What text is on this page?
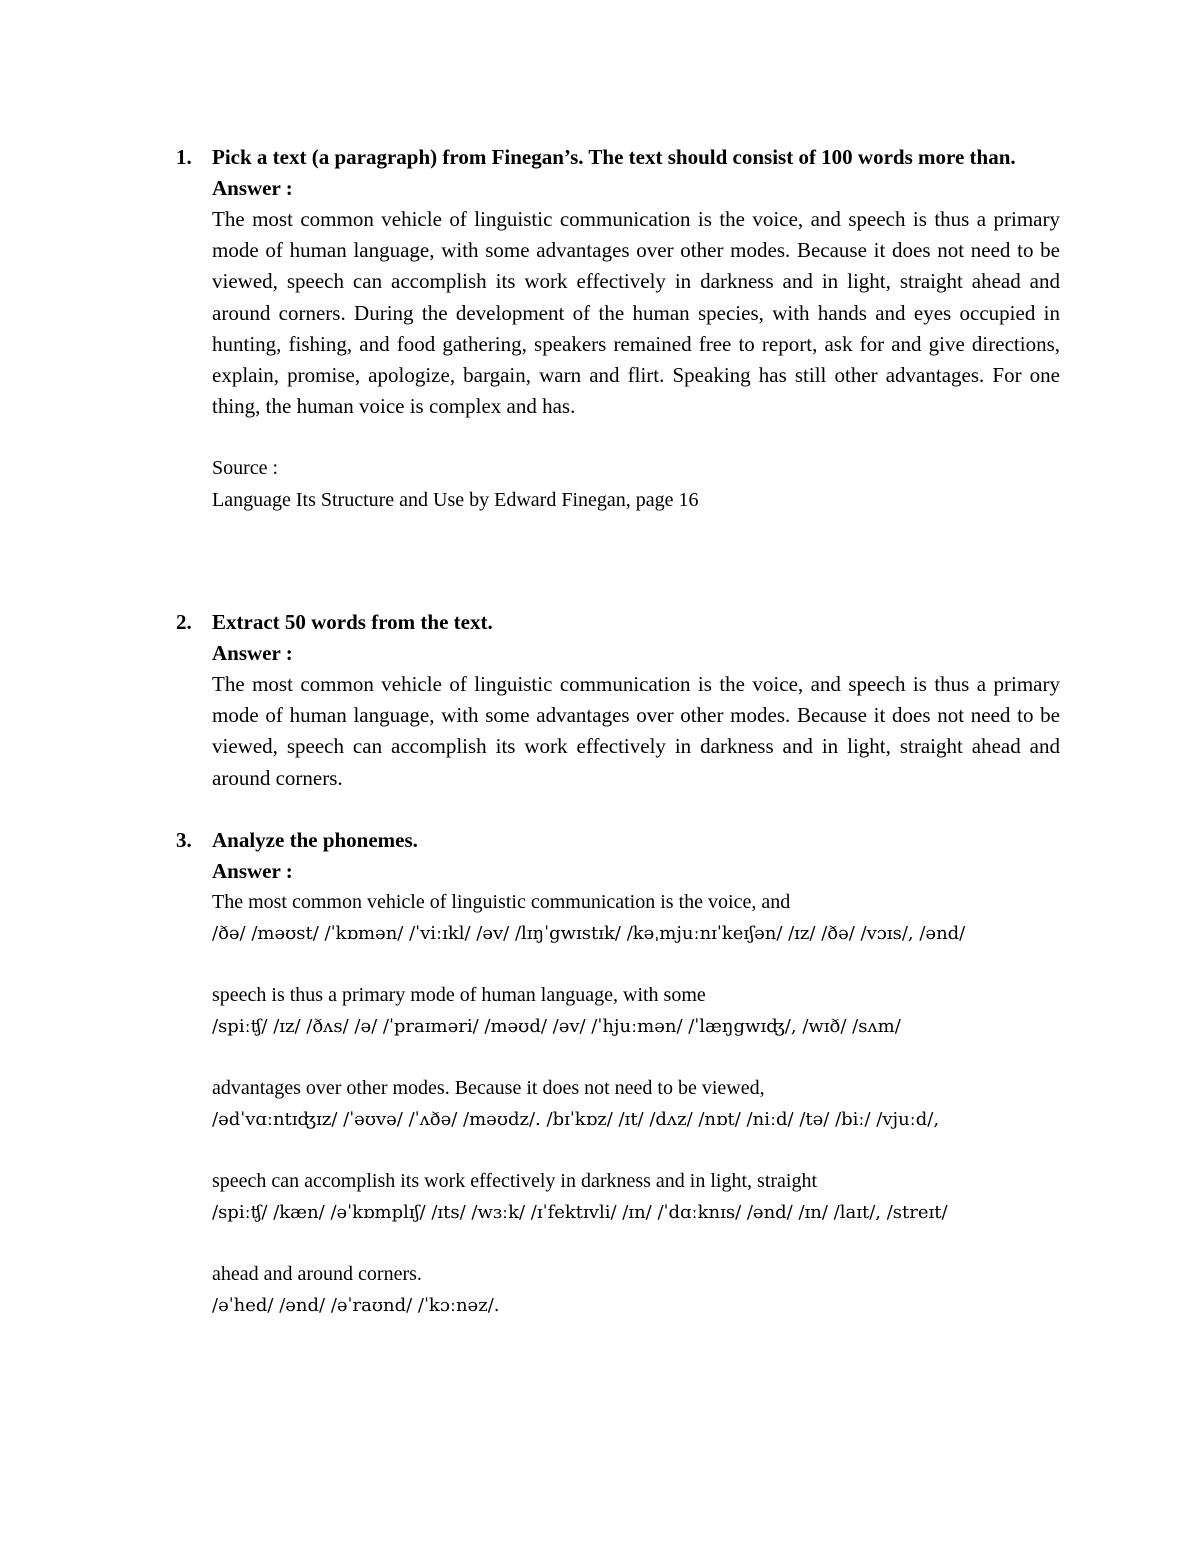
1. Pick a text (a paragraph) from Finegan’s. The text should consist of 100 words more than.

Answer :

The most common vehicle of linguistic communication is the voice, and speech is thus a primary mode of human language, with some advantages over other modes. Because it does not need to be viewed, speech can accomplish its work effectively in darkness and in light, straight ahead and around corners. During the development of the human species, with hands and eyes occupied in hunting, fishing, and food gathering, speakers remained free to report, ask for and give directions, explain, promise, apologize, bargain, warn and flirt. Speaking has still other advantages. For one thing, the human voice is complex and has.

Source :

Language Its Structure and Use by Edward Finegan, page 16

2. Extract 50 words from the text.

Answer :

The most common vehicle of linguistic communication is the voice, and speech is thus a primary mode of human language, with some advantages over other modes. Because it does not need to be viewed, speech can accomplish its work effectively in darkness and in light, straight ahead and around corners.

3. Analyze the phonemes.

Answer :

The most common vehicle of linguistic communication is the voice, and

/ðə/ /məʊst/ /ˈkɒmən/ /ˈviːɪkl/ /əv/ /lɪŋˈgwɪstɪk/ /kəˌmjuːnɪˈkeɪʃən/ /ɪz/ /ðə/ /vɔɪs/, /ənd/

speech is thus a primary mode of human language, with some

/spiːʧ/ /ɪz/ /ðʌs/ /ə/ /ˈpraɪməri/ /məʊd/ /əv/ /ˈhjuːmən/ /ˈlæŋgwɪʤ/, /wɪð/ /sʌm/

advantages over other modes. Because it does not need to be viewed,

/ədˈvɑːntɪʤɪz/ /ˈəʊvə/ /ˈʌðə/ /məʊdz/. /bɪˈkɒz/ /ɪt/ /dʌz/ /nɒt/ /niːd/ /tə/ /biː/ /vjuːd/,

speech can accomplish its work effectively in darkness and in light, straight

/spiːʧ/ /kæn/ /əˈkɒmplɪʃ/ /ɪts/ /wɜːk/ /ɪˈfektɪvli/ /ɪn/ /ˈdɑːknɪs/ /ənd/ /ɪn/ /laɪt/, /streɪt/

ahead and around corners.

/əˈhed/ /ənd/ /əˈraʊnd/ /ˈkɔːnəz/.
